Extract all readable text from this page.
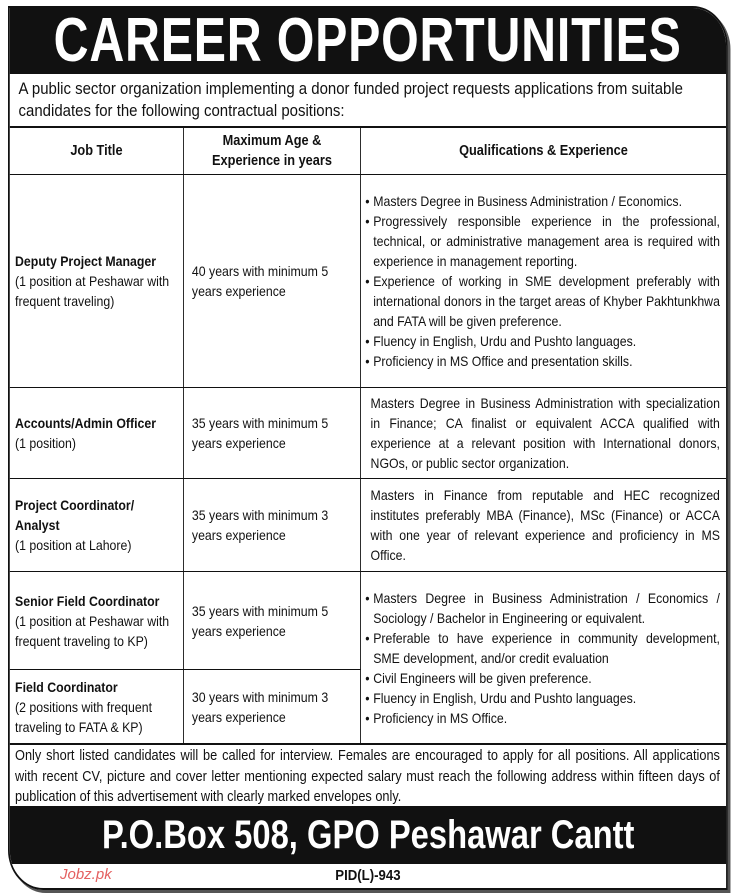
CAREER OPPORTUNITIES
A public sector organization implementing a donor funded project requests applications from suitable candidates for the following contractual positions:
Job Title
Maximum Age & Experience in years
Qualifications & Experience
Deputy Project Manager
(1 position at Peshawar with frequent traveling)
40 years with minimum 5 years experience
• Masters Degree in Business Administration / Economics.
• Progressively responsible experience in the professional, technical, or administrative management area is required with experience in management reporting.
• Experience of working in SME development preferably with international donors in the target areas of Khyber Pakhtunkhwa and FATA will be given preference.
• Fluency in English, Urdu and Pushto languages.
• Proficiency in MS Office and presentation skills.
Accounts/Admin Officer
(1 position)
35 years with minimum 5 years experience
Masters Degree in Business Administration with specialization in Finance; CA finalist or equivalent ACCA qualified with experience at a relevant position with International donors, NGOs, or public sector organization.
Project Coordinator/ Analyst
(1 position at Lahore)
35 years with minimum 3 years experience
Masters in Finance from reputable and HEC recognized institutes preferably MBA (Finance), MSc (Finance) or ACCA with one year of relevant experience and proficiency in MS Office.
Senior Field Coordinator
(1 position at Peshawar with frequent traveling to KP)
35 years with minimum 5 years experience
• Masters Degree in Business Administration / Economics / Sociology / Bachelor in Engineering or equivalent.
• Preferable to have experience in community development, SME development, and/or credit evaluation
• Civil Engineers will be given preference.
• Fluency in English, Urdu and Pushto languages.
• Proficiency in MS Office.
Field Coordinator
(2 positions with frequent traveling to FATA & KP)
30 years with minimum 3 years experience
Only short listed candidates will be called for interview. Females are encouraged to apply for all positions. All applications with recent CV, picture and cover letter mentioning expected salary must reach the following address within fifteen days of publication of this advertisement with clearly marked envelopes only.
P.O.Box 508, GPO Peshawar Cantt
PID(L)-943
Jobz.pk
